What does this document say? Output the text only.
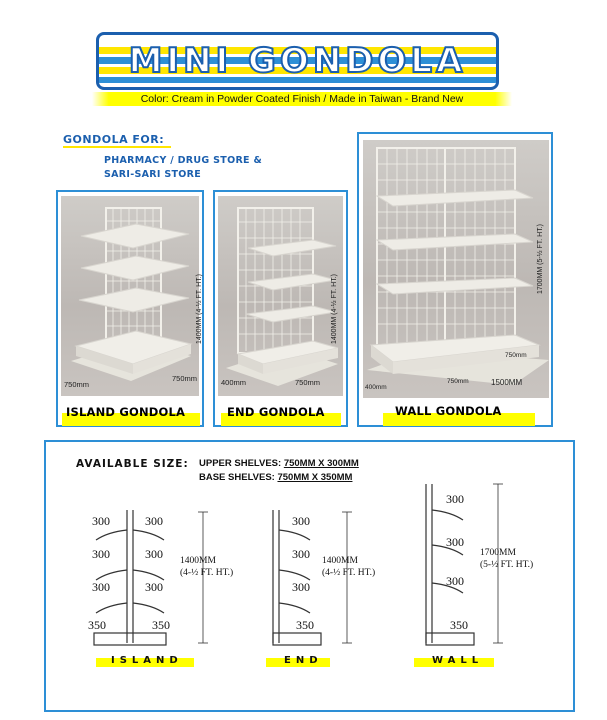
MINI GONDOLA
Color: Cream in Powder Coated Finish / Made in Taiwan - Brand New
GONDOLA FOR:
PHARMACY / DRUG STORE &
SARI-SARI STORE
750mm
750mm
1400MM (4-½ FT. HT.)
ISLAND GONDOLA
400mm	750mm
1400MM (4-½ FT. HT.)
END GONDOLA
400mm
750mm	1500MM
750mm
1700MM (5-½ FT. HT.)
WALL GONDOLA
AVAILABLE SIZE: UPPER SHELVES: 750MM X 300MM
BASE SHELVES: 750MM X 350MM
300	300
300	300
300	300
350	350
1400MM
(4-½ FT. HT.)
ISLAND
300
300
300
350
1400MM
(4-½ FT. HT.)
END
300
300
300
350
1700MM
(5-½ FT. HT.)
WALL
